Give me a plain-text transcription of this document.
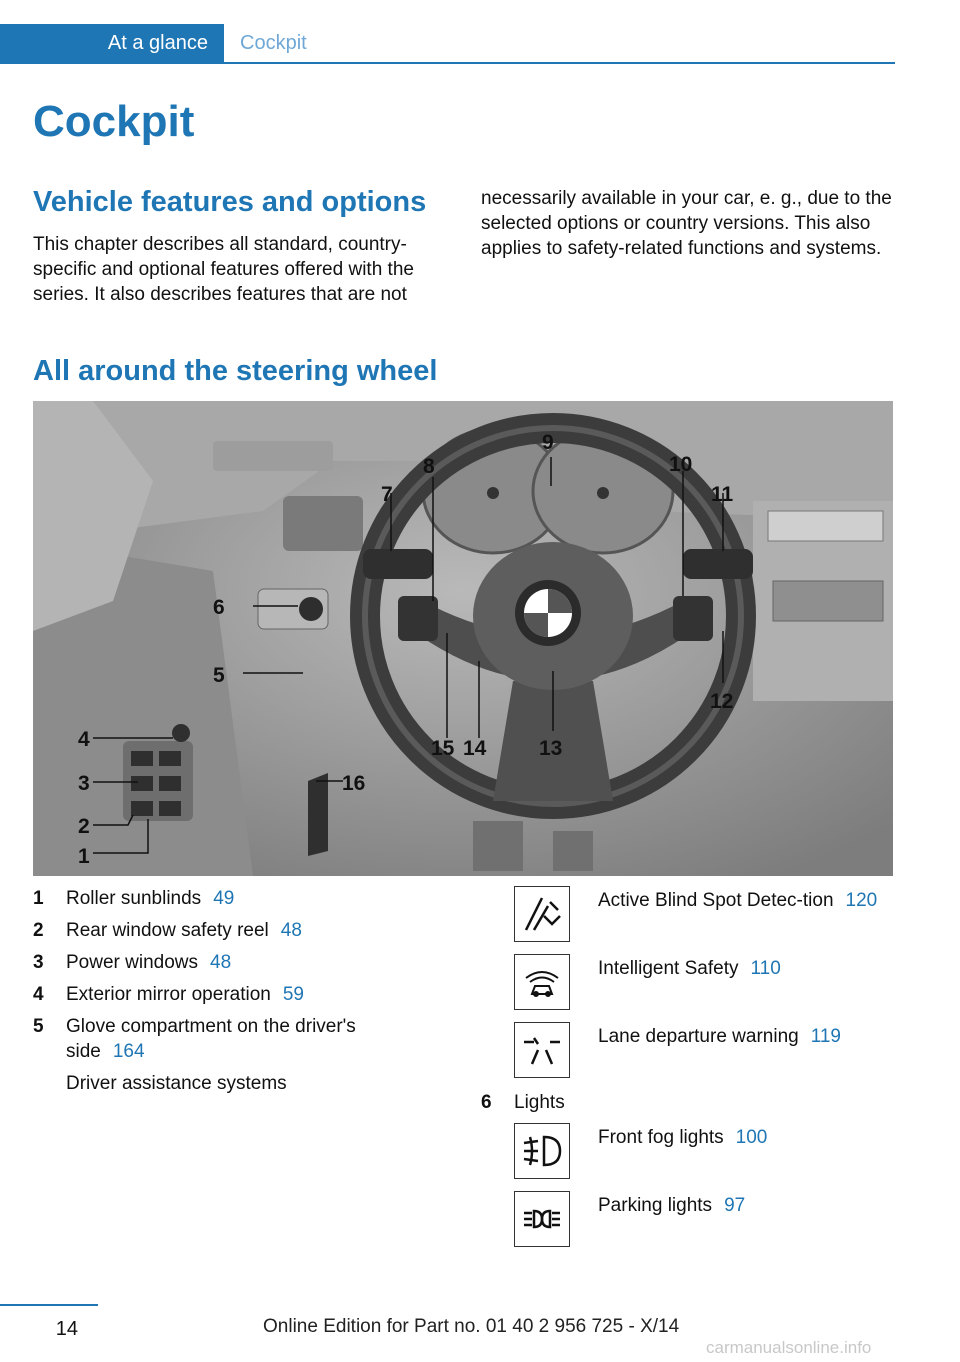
At a glance	Cockpit
Cockpit
Vehicle features and options

This chapter describes all standard, country-specific and optional features offered with the series. It also describes features that are not

necessarily available in your car, e. g., due to the selected options or country versions. This also applies to safety-related functions and systems.

All around the steering wheel
1
2
3
4
5
6
7
8
9
10
11
12
13
14
15
16
1	Roller sunblinds 49
2	Rear window safety reel 48
3	Power windows 48
4	Exterior mirror operation 59
5	Glove compartment on the driver's side 164
Driver assistance systems
Active Blind Spot Detec-tion 120
Intelligent Safety 110
Lane departure warning 119
6	Lights
Front fog lights 100
Parking lights 97
14	Online Edition for Part no. 01 40 2 956 725 - X/14
carmanualsonline.info
